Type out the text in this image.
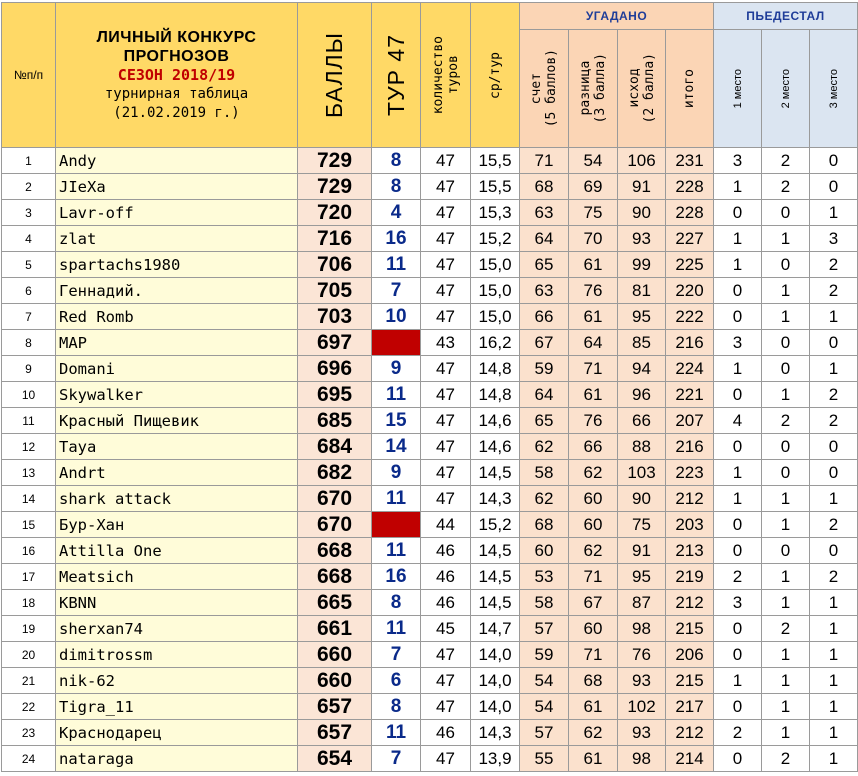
№п/п	ЛИЧНЫЙ КОНКУРС
ПРОГНОЗОВ
СЕЗОН 2018/19
турнирная таблица
(21.02.2019 г.)	БАЛЛЫ	ТУР 47	количество
туров	ср/тур	УГАДАНО				ПЬЕДЕСТАЛ		

						счет
(5 баллов)	разница
(3 балла)	исход
(2 балла)	итого	1 место	2 место	3 место

1	Andy	729	8	47	15,5	71	54	106	231	3	2	0
2	JIeXa	729	8	47	15,5	68	69	91	228	1	2	0
3	Lavr-off	720	4	47	15,3	63	75	90	228	0	0	1
4	zlat	716	16	47	15,2	64	70	93	227	1	1	3
5	spartachs1980	706	11	47	15,0	65	61	99	225	1	0	2
6	Геннадий.	705	7	47	15,0	63	76	81	220	0	1	2
7	Red Romb	703	10	47	15,0	66	61	95	222	0	1	1
8	MAP	697		43	16,2	67	64	85	216	3	0	0
9	Domani	696	9	47	14,8	59	71	94	224	1	0	1
10	Skywalker	695	11	47	14,8	64	61	96	221	0	1	2
11	Красный Пищевик	685	15	47	14,6	65	76	66	207	4	2	2
12	Taya	684	14	47	14,6	62	66	88	216	0	0	0
13	Andrt	682	9	47	14,5	58	62	103	223	1	0	0
14	shark attack	670	11	47	14,3	62	60	90	212	1	1	1
15	Бур-Хан	670		44	15,2	68	60	75	203	0	1	2
16	Attilla One	668	11	46	14,5	60	62	91	213	0	0	0
17	Meatsich	668	16	46	14,5	53	71	95	219	2	1	2
18	KBNN	665	8	46	14,5	58	67	87	212	3	1	1
19	sherxan74	661	11	45	14,7	57	60	98	215	0	2	1
20	dimitrossm	660	7	47	14,0	59	71	76	206	0	1	1
21	nik-62	660	6	47	14,0	54	68	93	215	1	1	1
22	Tigra_11	657	8	47	14,0	54	61	102	217	0	1	1
23	Краснодарец	657	11	46	14,3	57	62	93	212	2	1	1
24	nataraga	654	7	47	13,9	55	61	98	214	0	2	1
